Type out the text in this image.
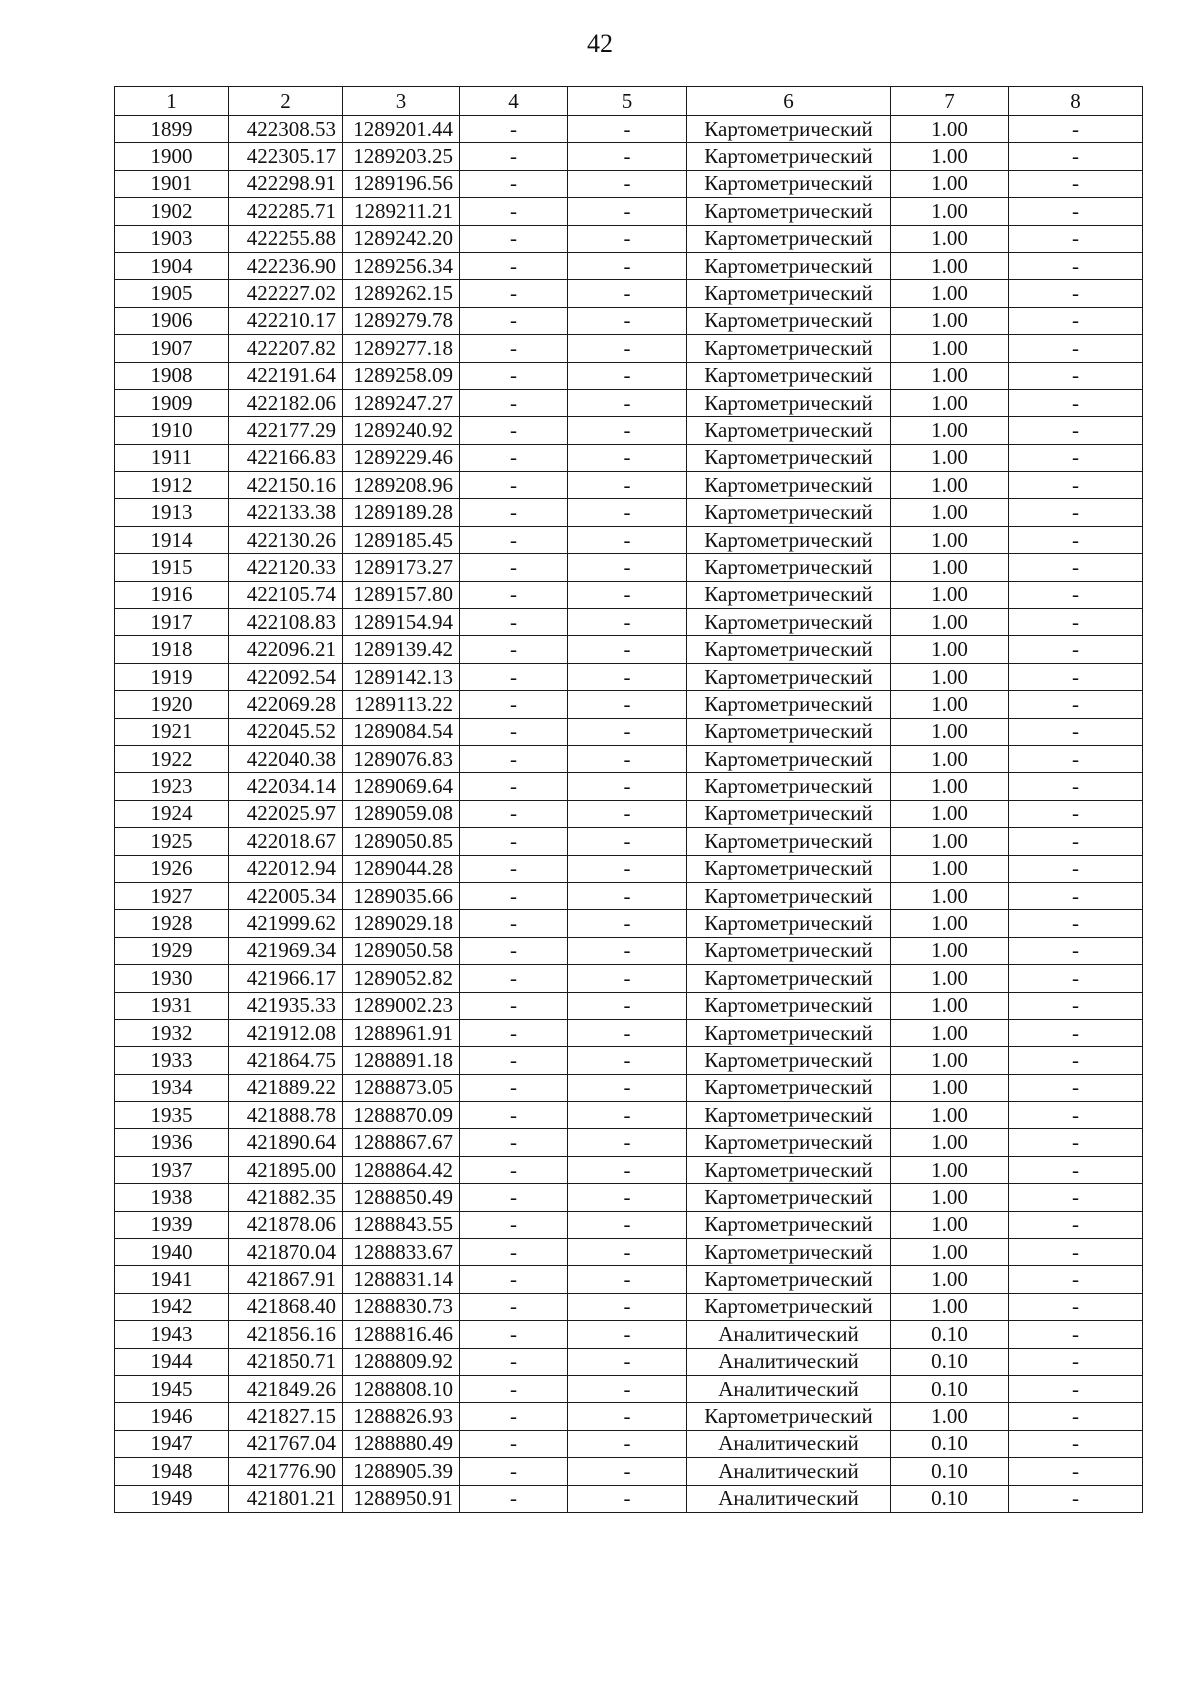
42
1	2	3	4	5	6	7	8
1899	422308.53	1289201.44	-	-	Картометрический	1.00	-
1900	422305.17	1289203.25	-	-	Картометрический	1.00	-
1901	422298.91	1289196.56	-	-	Картометрический	1.00	-
1902	422285.71	1289211.21	-	-	Картометрический	1.00	-
1903	422255.88	1289242.20	-	-	Картометрический	1.00	-
1904	422236.90	1289256.34	-	-	Картометрический	1.00	-
1905	422227.02	1289262.15	-	-	Картометрический	1.00	-
1906	422210.17	1289279.78	-	-	Картометрический	1.00	-
1907	422207.82	1289277.18	-	-	Картометрический	1.00	-
1908	422191.64	1289258.09	-	-	Картометрический	1.00	-
1909	422182.06	1289247.27	-	-	Картометрический	1.00	-
1910	422177.29	1289240.92	-	-	Картометрический	1.00	-
1911	422166.83	1289229.46	-	-	Картометрический	1.00	-
1912	422150.16	1289208.96	-	-	Картометрический	1.00	-
1913	422133.38	1289189.28	-	-	Картометрический	1.00	-
1914	422130.26	1289185.45	-	-	Картометрический	1.00	-
1915	422120.33	1289173.27	-	-	Картометрический	1.00	-
1916	422105.74	1289157.80	-	-	Картометрический	1.00	-
1917	422108.83	1289154.94	-	-	Картометрический	1.00	-
1918	422096.21	1289139.42	-	-	Картометрический	1.00	-
1919	422092.54	1289142.13	-	-	Картометрический	1.00	-
1920	422069.28	1289113.22	-	-	Картометрический	1.00	-
1921	422045.52	1289084.54	-	-	Картометрический	1.00	-
1922	422040.38	1289076.83	-	-	Картометрический	1.00	-
1923	422034.14	1289069.64	-	-	Картометрический	1.00	-
1924	422025.97	1289059.08	-	-	Картометрический	1.00	-
1925	422018.67	1289050.85	-	-	Картометрический	1.00	-
1926	422012.94	1289044.28	-	-	Картометрический	1.00	-
1927	422005.34	1289035.66	-	-	Картометрический	1.00	-
1928	421999.62	1289029.18	-	-	Картометрический	1.00	-
1929	421969.34	1289050.58	-	-	Картометрический	1.00	-
1930	421966.17	1289052.82	-	-	Картометрический	1.00	-
1931	421935.33	1289002.23	-	-	Картометрический	1.00	-
1932	421912.08	1288961.91	-	-	Картометрический	1.00	-
1933	421864.75	1288891.18	-	-	Картометрический	1.00	-
1934	421889.22	1288873.05	-	-	Картометрический	1.00	-
1935	421888.78	1288870.09	-	-	Картометрический	1.00	-
1936	421890.64	1288867.67	-	-	Картометрический	1.00	-
1937	421895.00	1288864.42	-	-	Картометрический	1.00	-
1938	421882.35	1288850.49	-	-	Картометрический	1.00	-
1939	421878.06	1288843.55	-	-	Картометрический	1.00	-
1940	421870.04	1288833.67	-	-	Картометрический	1.00	-
1941	421867.91	1288831.14	-	-	Картометрический	1.00	-
1942	421868.40	1288830.73	-	-	Картометрический	1.00	-
1943	421856.16	1288816.46	-	-	Аналитический	0.10	-
1944	421850.71	1288809.92	-	-	Аналитический	0.10	-
1945	421849.26	1288808.10	-	-	Аналитический	0.10	-
1946	421827.15	1288826.93	-	-	Картометрический	1.00	-
1947	421767.04	1288880.49	-	-	Аналитический	0.10	-
1948	421776.90	1288905.39	-	-	Аналитический	0.10	-
1949	421801.21	1288950.91	-	-	Аналитический	0.10	-
